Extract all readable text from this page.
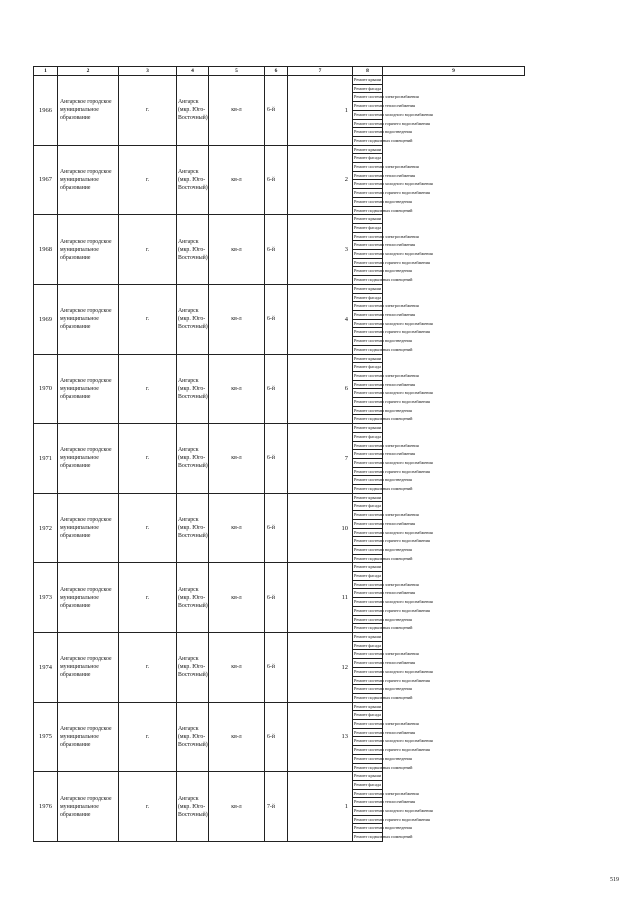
1	2	3	4	5	6	7	8	9
1966	Ангарское городское муниципальное образование	г.	Ангарск (мкр. Юго-Восточный)	кв-л	6-й	1	Ремонт крыши	
							Ремонт фасада	
							Ремонт системы электроснабжения	
							Ремонт системы теплоснабжения	
							Ремонт системы холодного водоснабжения	
							Ремонт системы горячего водоснабжения	
							Ремонт системы водоотведения	
							Ремонт подвальных помещений	
1967	Ангарское городское муниципальное образование	г.	Ангарск (мкр. Юго-Восточный)	кв-л	6-й	2	Ремонт крыши	
							Ремонт фасада	
							Ремонт системы электроснабжения	
							Ремонт системы теплоснабжения	
							Ремонт системы холодного водоснабжения	
							Ремонт системы горячего водоснабжения	
							Ремонт системы водоотведения	
							Ремонт подвальных помещений	
1968	Ангарское городское муниципальное образование	г.	Ангарск (мкр. Юго-Восточный)	кв-л	6-й	3	Ремонт крыши	
							Ремонт фасада	
							Ремонт системы электроснабжения	
							Ремонт системы теплоснабжения	
							Ремонт системы холодного водоснабжения	
							Ремонт системы горячего водоснабжения	
							Ремонт системы водоотведения	
							Ремонт подвальных помещений	
1969	Ангарское городское муниципальное образование	г.	Ангарск (мкр. Юго-Восточный)	кв-л	6-й	4	Ремонт крыши	
							Ремонт фасада	
							Ремонт системы электроснабжения	
							Ремонт системы теплоснабжения	
							Ремонт системы холодного водоснабжения	
							Ремонт системы горячего водоснабжения	
							Ремонт системы водоотведения	
							Ремонт подвальных помещений	
1970	Ангарское городское муниципальное образование	г.	Ангарск (мкр. Юго-Восточный)	кв-л	6-й	6	Ремонт крыши	
							Ремонт фасада	
							Ремонт системы электроснабжения	
							Ремонт системы теплоснабжения	
							Ремонт системы холодного водоснабжения	
							Ремонт системы горячего водоснабжения	
							Ремонт системы водоотведения	
							Ремонт подвальных помещений	
1971	Ангарское городское муниципальное образование	г.	Ангарск (мкр. Юго-Восточный)	кв-л	6-й	7	Ремонт крыши	
							Ремонт фасада	
							Ремонт системы электроснабжения	
							Ремонт системы теплоснабжения	
							Ремонт системы холодного водоснабжения	
							Ремонт системы горячего водоснабжения	
							Ремонт системы водоотведения	
							Ремонт подвальных помещений	
1972	Ангарское городское муниципальное образование	г.	Ангарск (мкр. Юго-Восточный)	кв-л	6-й	10	Ремонт крыши	
							Ремонт фасада	
							Ремонт системы электроснабжения	
							Ремонт системы теплоснабжения	
							Ремонт системы холодного водоснабжения	
							Ремонт системы горячего водоснабжения	
							Ремонт системы водоотведения	
							Ремонт подвальных помещений	
1973	Ангарское городское муниципальное образование	г.	Ангарск (мкр. Юго-Восточный)	кв-л	6-й	11	Ремонт крыши	
							Ремонт фасада	
							Ремонт системы электроснабжения	
							Ремонт системы теплоснабжения	
							Ремонт системы холодного водоснабжения	
							Ремонт системы горячего водоснабжения	
							Ремонт системы водоотведения	
							Ремонт подвальных помещений	
1974	Ангарское городское муниципальное образование	г.	Ангарск (мкр. Юго-Восточный)	кв-л	6-й	12	Ремонт крыши	
							Ремонт фасада	
							Ремонт системы электроснабжения	
							Ремонт системы теплоснабжения	
							Ремонт системы холодного водоснабжения	
							Ремонт системы горячего водоснабжения	
							Ремонт системы водоотведения	
							Ремонт подвальных помещений	
1975	Ангарское городское муниципальное образование	г.	Ангарск (мкр. Юго-Восточный)	кв-л	6-й	13	Ремонт крыши	
							Ремонт фасада	
							Ремонт системы электроснабжения	
							Ремонт системы теплоснабжения	
							Ремонт системы холодного водоснабжения	
							Ремонт системы горячего водоснабжения	
							Ремонт системы водоотведения	
							Ремонт подвальных помещений	
1976	Ангарское городское муниципальное образование	г.	Ангарск (мкр. Юго-Восточный)	кв-л	7-й	1	Ремонт крыши	
							Ремонт фасада	
							Ремонт системы электроснабжения	
							Ремонт системы теплоснабжения	
							Ремонт системы холодного водоснабжения	
							Ремонт системы горячего водоснабжения	
							Ремонт системы водоотведения	
							Ремонт подвальных помещений	
519
